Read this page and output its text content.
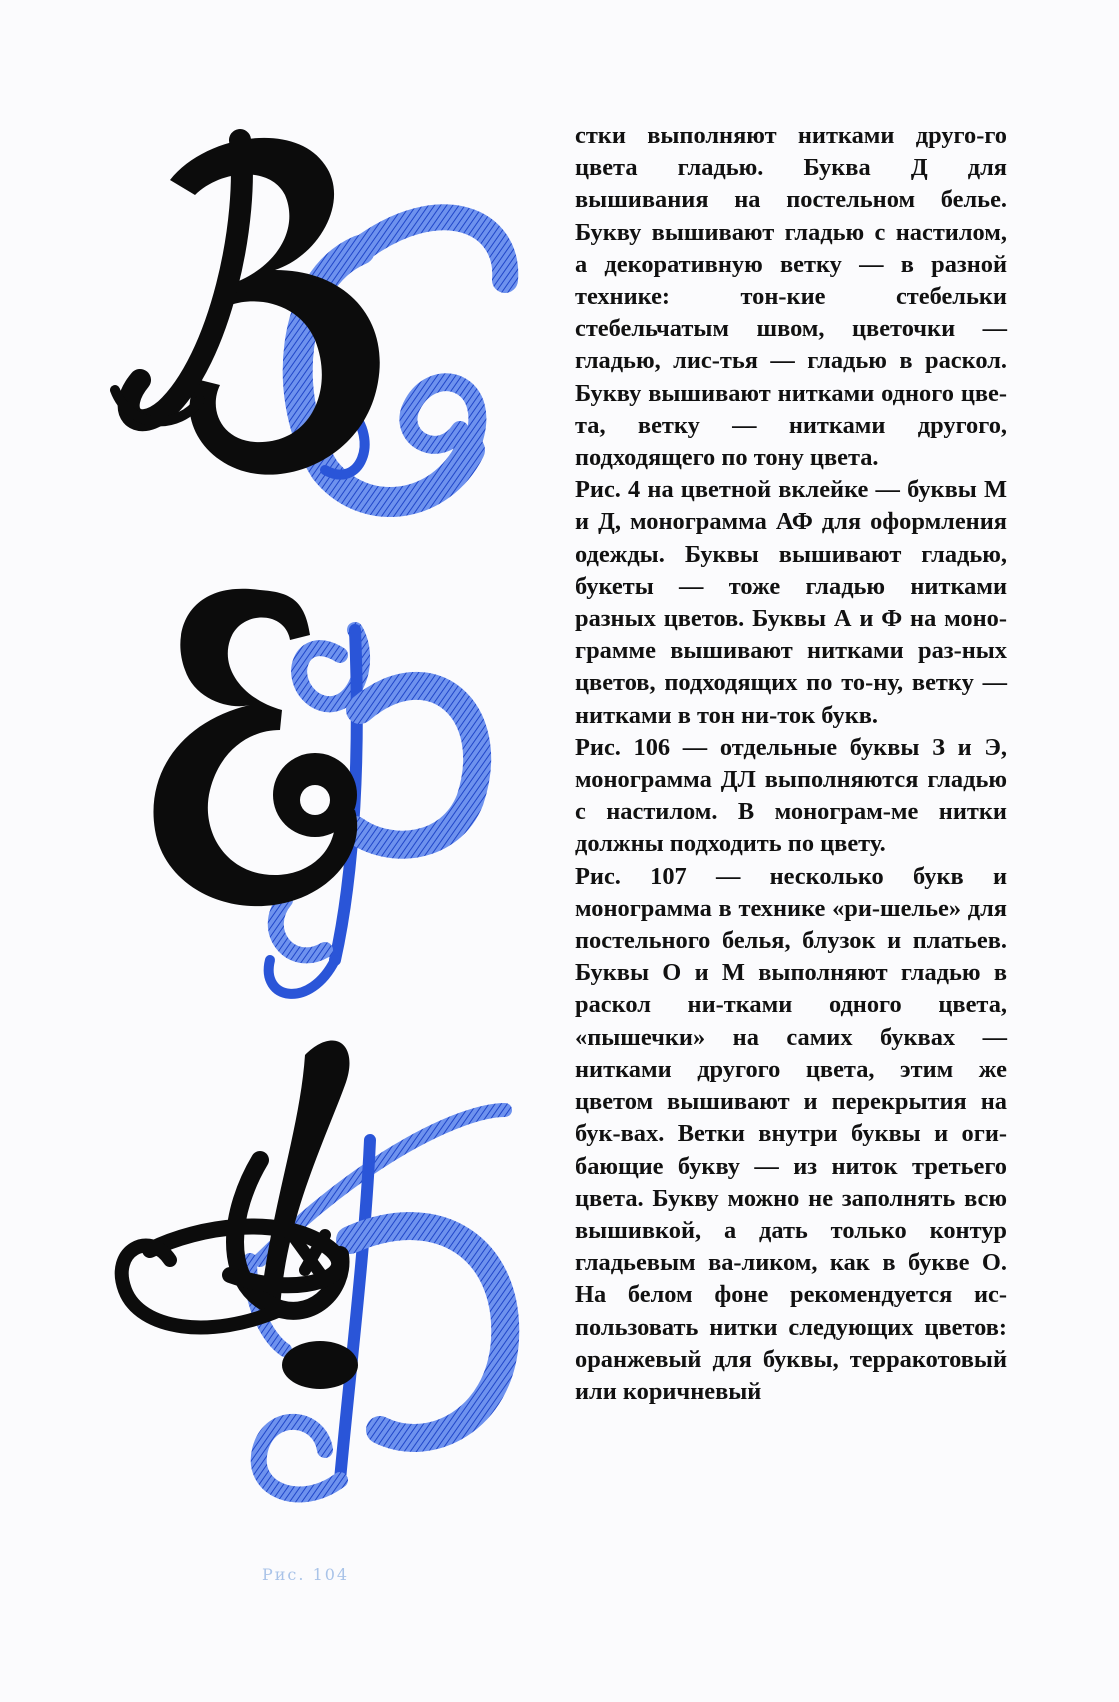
Рис. 104

стки выполняют нитками друго-го цвета гладью. Буква Д для вышивания на постельном белье. Букву вышивают гладью с настилом, а декоративную ветку — в разной технике: тон-кие стебельки стебельчатым швом, цветочки — гладью, лис-тья — гладью в раскол. Букву вышивают нитками одного цве-та, ветку — нитками другого, подходящего по тону цвета.

Рис. 4 на цветной вклейке — буквы М и Д, монограмма АФ для оформления одежды. Буквы вышивают гладью, букеты — тоже гладью нитками разных цветов. Буквы А и Ф на моно-грамме вышивают нитками раз-ных цветов, подходящих по то-ну, ветку — нитками в тон ни-ток букв.

Рис. 106 — отдельные буквы З и Э, монограмма ДЛ выполняются гладью с настилом. В монограм-ме нитки должны подходить по цвету.

Рис. 107 — несколько букв и монограмма в технике «ри-шелье» для постельного белья, блузок и платьев. Буквы О и М выполняют гладью в раскол ни-тками одного цвета, «пышечки» на самих буквах — нитками другого цвета, этим же цветом вышивают и перекрытия на бук-вах. Ветки внутри буквы и оги-бающие букву — из ниток третьего цвета. Букву можно не заполнять всю вышивкой, а дать только контур гладьевым ва-ликом, как в букве О. На белом фоне рекомендуется ис-пользовать нитки следующих цветов: оранжевый для буквы, терракотовый или коричневый
